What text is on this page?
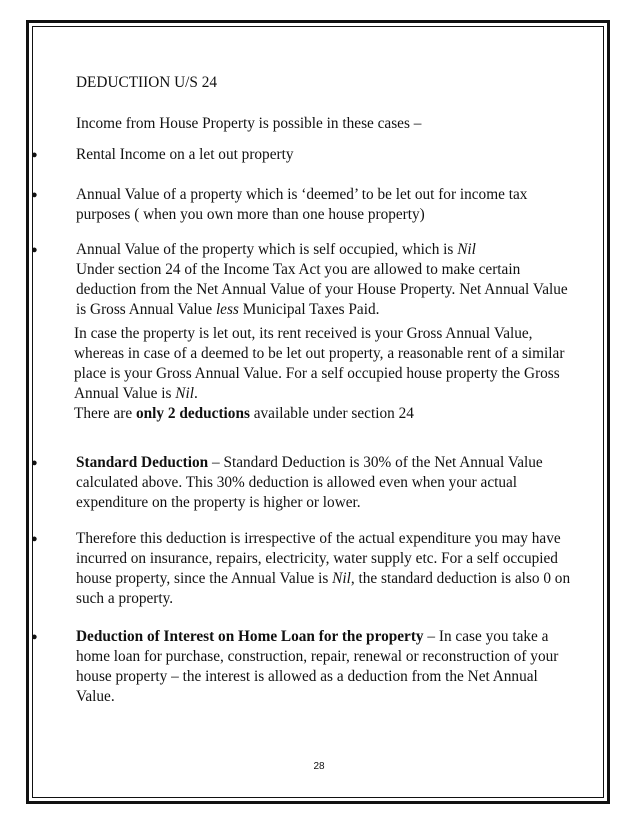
DEDUCTIION U/S 24
Income from House Property is possible in these cases –
●	Rental Income on a let out property
●	Annual Value of a property which is ‘deemed’ to be let out for income tax purposes ( when you own more than one house property)
●	Annual Value of the property which is self occupied, which is Nil
Under section 24 of the Income Tax Act you are allowed to make certain deduction from the Net Annual Value of your House Property. Net Annual Value is Gross Annual Value less Municipal Taxes Paid.
In case the property is let out, its rent received is your Gross Annual Value, whereas in case of a deemed to be let out property, a reasonable rent of a similar place is your Gross Annual Value. For a self occupied house property the Gross Annual Value is Nil.
There are only 2 deductions available under section 24
●	Standard Deduction – Standard Deduction is 30% of the Net Annual Value calculated above. This 30% deduction is allowed even when your actual expenditure on the property is higher or lower.
●	Therefore this deduction is irrespective of the actual expenditure you may have incurred on insurance, repairs, electricity, water supply etc. For a self occupied house property, since the Annual Value is Nil, the standard deduction is also 0 on such a property.
●	Deduction of Interest on Home Loan for the property – In case you take a home loan for purchase, construction, repair, renewal or reconstruction of your house property – the interest is allowed as a deduction from the Net Annual Value.
28
